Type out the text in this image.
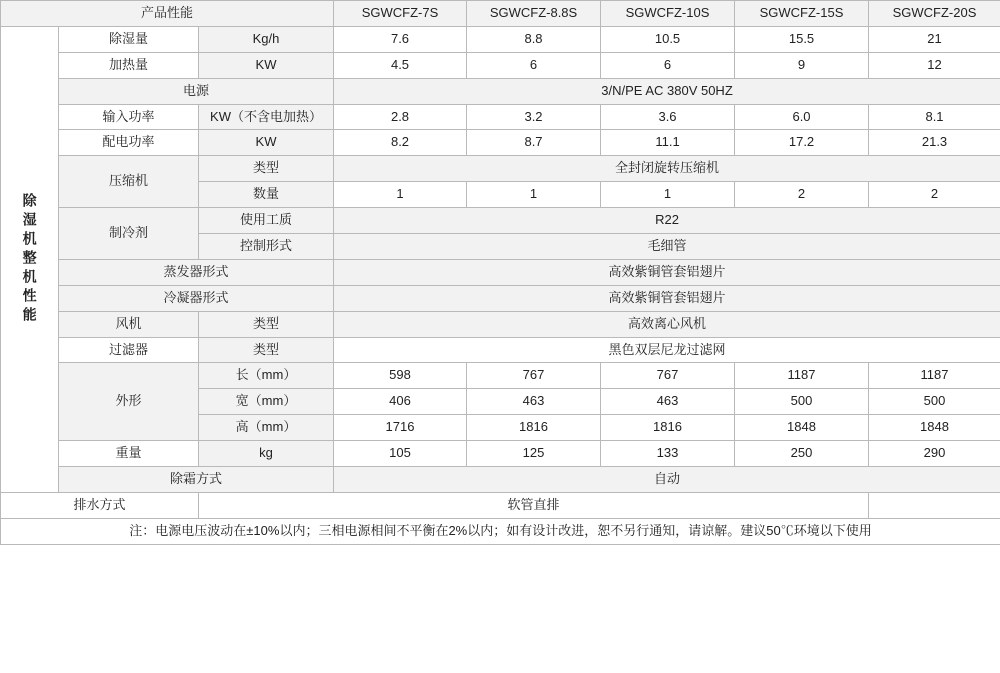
产品性能			SGWCFZ-7S	SGWCFZ-8.8S	SGWCFZ-10S	SGWCFZ-15S	SGWCFZ-20S
除湿机整机性能	除湿量	Kg/h	7.6	8.8	10.5	15.5	21
	加热量	KW	4.5	6	6	9	12
	电源		3/N/PE AC 380V 50HZ				
	输入功率	KW（不含电加热）	2.8	3.2	3.6	6.0	8.1
	配电功率	KW	8.2	8.7	11.1	17.2	21.3
	压缩机	类型	全封闭旋转压缩机				
		数量	1	1	1	2	2
	制冷剂	使用工质	R22				
		控制形式	毛细管				
	蒸发器形式		高效紫铜管套铝翅片				
	冷凝器形式		高效紫铜管套铝翅片				
	风机	类型	高效离心风机				
	过滤器	类型	黑色双层尼龙过滤网				
	外形	长（mm）	598	767	767	1187	1187
		宽（mm）	406	463	463	500	500
		高（mm）	1716	1816	1816	1848	1848
	重量	kg	105	125	133	250	290
	除霜方式		自动				
排水方式		软管直排					
注：电源电压波动在±10%以内；三相电源相间不平衡在2%以内；如有设计改进，恕不另行通知，请谅解。建议50℃环境以下使用							
